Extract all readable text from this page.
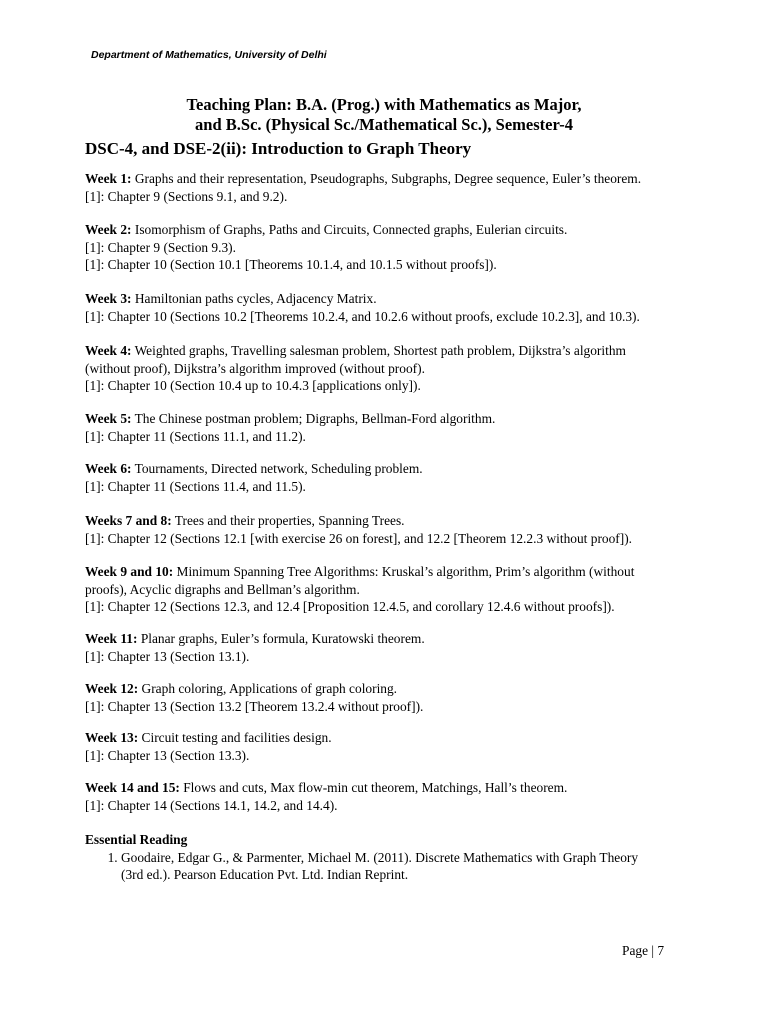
Department of Mathematics, University of Delhi
Teaching Plan: B.A. (Prog.) with Mathematics as Major,
and B.Sc. (Physical Sc./Mathematical Sc.), Semester-4
DSC-4, and DSE-2(ii): Introduction to Graph Theory
Week 1: Graphs and their representation, Pseudographs, Subgraphs, Degree sequence, Euler’s theorem.
[1]: Chapter 9 (Sections 9.1, and 9.2).
Week 2: Isomorphism of Graphs, Paths and Circuits, Connected graphs, Eulerian circuits.
[1]: Chapter 9 (Section 9.3).
[1]: Chapter 10 (Section 10.1 [Theorems 10.1.4, and 10.1.5 without proofs]).
Week 3: Hamiltonian paths cycles, Adjacency Matrix.
[1]: Chapter 10 (Sections 10.2 [Theorems 10.2.4, and 10.2.6 without proofs, exclude 10.2.3], and 10.3).
Week 4: Weighted graphs, Travelling salesman problem, Shortest path problem, Dijkstra’s algorithm
(without proof), Dijkstra’s algorithm improved (without proof).
[1]: Chapter 10 (Section 10.4 up to 10.4.3 [applications only]).
Week 5: The Chinese postman problem; Digraphs, Bellman-Ford algorithm.
[1]: Chapter 11 (Sections 11.1, and 11.2).
Week 6: Tournaments, Directed network, Scheduling problem.
[1]: Chapter 11 (Sections 11.4, and 11.5).
Weeks 7 and 8: Trees and their properties, Spanning Trees.
[1]: Chapter 12 (Sections 12.1 [with exercise 26 on forest], and 12.2 [Theorem 12.2.3 without proof]).
Week 9 and 10: Minimum Spanning Tree Algorithms: Kruskal’s algorithm, Prim’s algorithm (without
proofs), Acyclic digraphs and Bellman’s algorithm.
[1]: Chapter 12 (Sections 12.3, and 12.4 [Proposition 12.4.5, and corollary 12.4.6 without proofs]).
Week 11: Planar graphs, Euler’s formula, Kuratowski theorem.
[1]: Chapter 13 (Section 13.1).
Week 12: Graph coloring, Applications of graph coloring.
[1]: Chapter 13 (Section 13.2 [Theorem 13.2.4 without proof]).
Week 13: Circuit testing and facilities design.
[1]: Chapter 13 (Section 13.3).
Week 14 and 15: Flows and cuts, Max flow-min cut theorem, Matchings, Hall’s theorem.
[1]: Chapter 14 (Sections 14.1, 14.2, and 14.4).
Essential Reading
1. Goodaire, Edgar G., & Parmenter, Michael M. (2011). Discrete Mathematics with Graph Theory
(3rd ed.). Pearson Education Pvt. Ltd. Indian Reprint.
Page | 7
